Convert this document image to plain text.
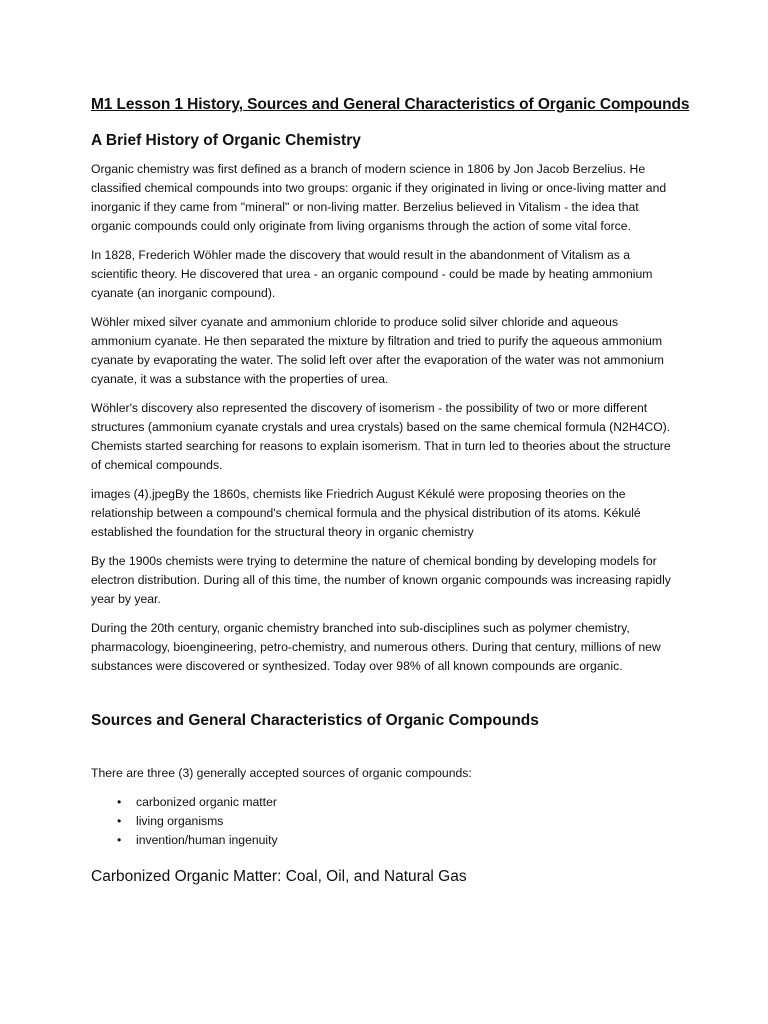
M1 Lesson 1 History, Sources and General Characteristics of Organic Compounds
A Brief History of Organic Chemistry

Organic chemistry was first defined as a branch of modern science in 1806 by Jon Jacob Berzelius. He classified chemical compounds into two groups: organic if they originated in living or once-living matter and inorganic if they came from "mineral" or non-living matter. Berzelius believed in Vitalism - the idea that organic compounds could only originate from living organisms through the action of some vital force.

In 1828, Frederich Wöhler made the discovery that would result in the abandonment of Vitalism as a scientific theory. He discovered that urea - an organic compound - could be made by heating ammonium cyanate (an inorganic compound).

Wöhler mixed silver cyanate and ammonium chloride to produce solid silver chloride and aqueous ammonium cyanate. He then separated the mixture by filtration and tried to purify the aqueous ammonium cyanate by evaporating the water. The solid left over after the evaporation of the water was not ammonium cyanate, it was a substance with the properties of urea.

Wöhler's discovery also represented the discovery of isomerism - the possibility of two or more different structures (ammonium cyanate crystals and urea crystals) based on the same chemical formula (N2H4CO). Chemists started searching for reasons to explain isomerism. That in turn led to theories about the structure of chemical compounds.

images (4).jpegBy the 1860s, chemists like Friedrich August Kékulé were proposing theories on the relationship between a compound's chemical formula and the physical distribution of its atoms. Kékulé established the foundation for the structural theory in organic chemistry

By the 1900s chemists were trying to determine the nature of chemical bonding by developing models for electron distribution. During all of this time, the number of known organic compounds was increasing rapidly year by year.

During the 20th century, organic chemistry branched into sub-disciplines such as polymer chemistry, pharmacology, bioengineering, petro-chemistry, and numerous others. During that century, millions of new substances were discovered or synthesized. Today over 98% of all known compounds are organic.

Sources and General Characteristics of Organic Compounds

There are three (3) generally accepted sources of organic compounds:

• carbonized organic matter
• living organisms
• invention/human ingenuity
Carbonized Organic Matter: Coal, Oil, and Natural Gas
